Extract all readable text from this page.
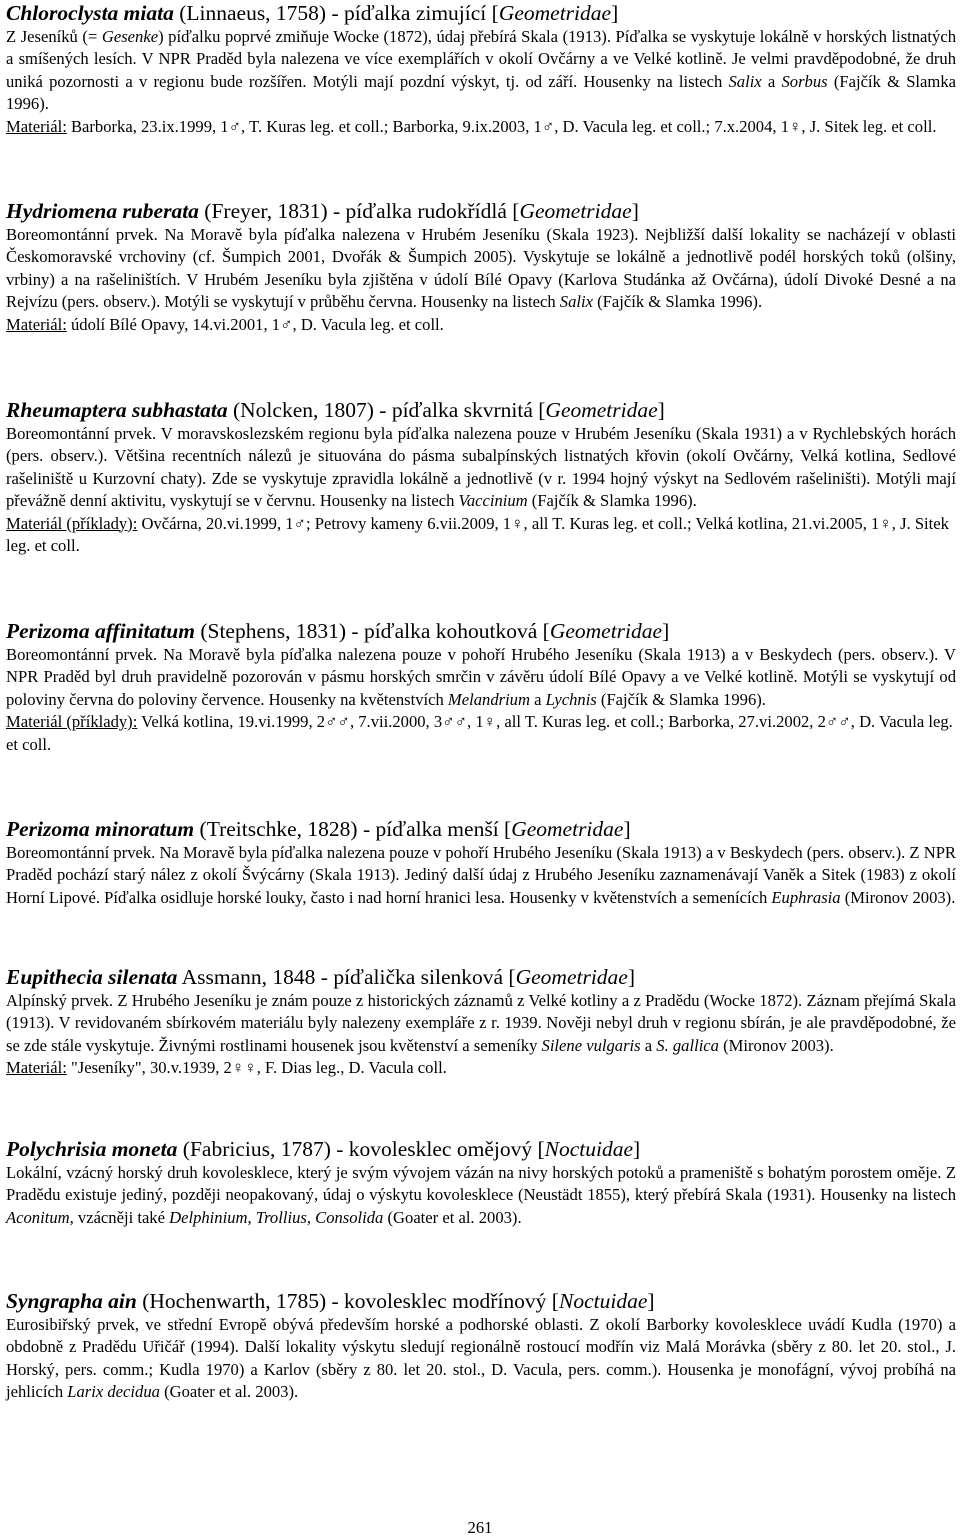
Chloroclysta miata (Linnaeus, 1758) - píďalka zimující [Geometridae]

Z Jeseníků (= Gesenke) píďalku poprvé zmiňuje Wocke (1872), údaj přebírá Skala (1913). Píďalka se vyskytuje lokálně v horských listnatých a smíšených lesích. V NPR Praděd byla nalezena ve více exemplářích v okolí Ovčárny a ve Velké kotlině. Je velmi pravděpodobné, že druh uniká pozornosti a v regionu bude rozšířen. Motýli mají pozdní výskyt, tj. od září. Housenky na listech Salix a Sorbus (Fajčík & Slamka 1996).

Materiál: Barborka, 23.ix.1999, 1♂, T. Kuras leg. et coll.; Barborka, 9.ix.2003, 1♂, D. Vacula leg. et coll.; 7.x.2004, 1♀, J. Sitek leg. et coll.

Hydriomena ruberata (Freyer, 1831) - píďalka rudokřídlá [Geometridae]

Boreomontánní prvek. Na Moravě byla píďalka nalezena v Hrubém Jeseníku (Skala 1923). Nejbližší další lokality se nacházejí v oblasti Českomoravské vrchoviny (cf. Šumpich 2001, Dvořák & Šumpich 2005). Vyskytuje se lokálně a jednotlivě podél horských toků (olšiny, vrbiny) a na rašeliništích. V Hrubém Jeseníku byla zjištěna v údolí Bílé Opavy (Karlova Studánka až Ovčárna), údolí Divoké Desné a na Rejvízu (pers. observ.). Motýli se vyskytují v průběhu června. Housenky na listech Salix (Fajčík & Slamka 1996).

Materiál: údolí Bílé Opavy, 14.vi.2001, 1♂, D. Vacula leg. et coll.

Rheumaptera subhastata (Nolcken, 1807) - píďalka skvrnitá [Geometridae]

Boreomontánní prvek. V moravskoslezském regionu byla píďalka nalezena pouze v Hrubém Jeseníku (Skala 1931) a v Rychlebských horách (pers. observ.). Většina recentních nálezů je situována do pásma subalpínských listnatých křovin (okolí Ovčárny, Velká kotlina, Sedlové rašeliniště u Kurzovní chaty). Zde se vyskytuje zpravidla lokálně a jednotlivě (v r. 1994 hojný výskyt na Sedlovém rašeliništi). Motýli mají převážně denní aktivitu, vyskytují se v červnu. Housenky na listech Vaccinium (Fajčík & Slamka 1996).

Materiál (příklady): Ovčárna, 20.vi.1999, 1♂; Petrovy kameny 6.vii.2009, 1♀, all T. Kuras leg. et coll.; Velká kotlina, 21.vi.2005, 1♀, J. Sitek leg. et coll.

Perizoma affinitatum (Stephens, 1831) - píďalka kohoutková [Geometridae]

Boreomontánní prvek. Na Moravě byla píďalka nalezena pouze v pohoří Hrubého Jeseníku (Skala 1913) a v Beskydech (pers. observ.). V NPR Praděd byl druh pravidelně pozorován v pásmu horských smrčin v závěru údolí Bílé Opavy a ve Velké kotlině. Motýli se vyskytují od poloviny června do poloviny července. Housenky na květenstvích Melandrium a Lychnis (Fajčík & Slamka 1996).

Materiál (příklady): Velká kotlina, 19.vi.1999, 2♂♂, 7.vii.2000, 3♂♂, 1♀, all T. Kuras leg. et coll.; Barborka, 27.vi.2002, 2♂♂, D. Vacula leg. et coll.

Perizoma minoratum (Treitschke, 1828) - píďalka menší [Geometridae]

Boreomontánní prvek. Na Moravě byla píďalka nalezena pouze v pohoří Hrubého Jeseníku (Skala 1913) a v Beskydech (pers. observ.). Z NPR Praděd pochází starý nález z okolí Švýcárny (Skala 1913). Jediný další údaj z Hrubého Jeseníku zaznamenávají Vaněk a Sitek (1983) z okolí Horní Lipové. Píďalka osidluje horské louky, často i nad horní hranici lesa. Housenky v květenstvích a semenících Euphrasia (Mironov 2003).

Eupithecia silenata Assmann, 1848 - píďalička silenková [Geometridae]

Alpínský prvek. Z Hrubého Jeseníku je znám pouze z historických záznamů z Velké kotliny a z Pradědu (Wocke 1872). Záznam přejímá Skala (1913). V revidovaném sbírkovém materiálu byly nalezeny exempláře z r. 1939. Nověji nebyl druh v regionu sbírán, je ale pravděpodobné, že se zde stále vyskytuje. Živnými rostlinami housenek jsou květenství a semeníky Silene vulgaris a S. gallica (Mironov 2003).

Materiál: "Jeseníky", 30.v.1939, 2♀♀, F. Dias leg., D. Vacula coll.

Polychrisia moneta (Fabricius, 1787) - kovolesklec omějový [Noctuidae]

Lokální, vzácný horský druh kovolesklece, který je svým vývojem vázán na nivy horských potoků a prameniště s bohatým porostem oměje. Z Pradědu existuje jediný, později neopakovaný, údaj o výskytu kovolesklece (Neustädt 1855), který přebírá Skala (1931). Housenky na listech Aconitum, vzácněji také Delphinium, Trollius, Consolida (Goater et al. 2003).

Syngrapha ain (Hochenwarth, 1785) - kovolesklec modřínový [Noctuidae]

Eurosibiřský prvek, ve střední Evropě obývá především horské a podhorské oblasti. Z okolí Barborky kovolesklece uvádí Kudla (1970) a obdobně z Pradědu Uřičář (1994). Další lokality výskytu sledují regionálně rostoucí modřín viz Malá Morávka (sběry z 80. let 20. stol., J. Horský, pers. comm.; Kudla 1970) a Karlov (sběry z 80. let 20. stol., D. Vacula, pers. comm.). Housenka je monofágní, vývoj probíhá na jehlicích Larix decidua (Goater et al. 2003).

261
